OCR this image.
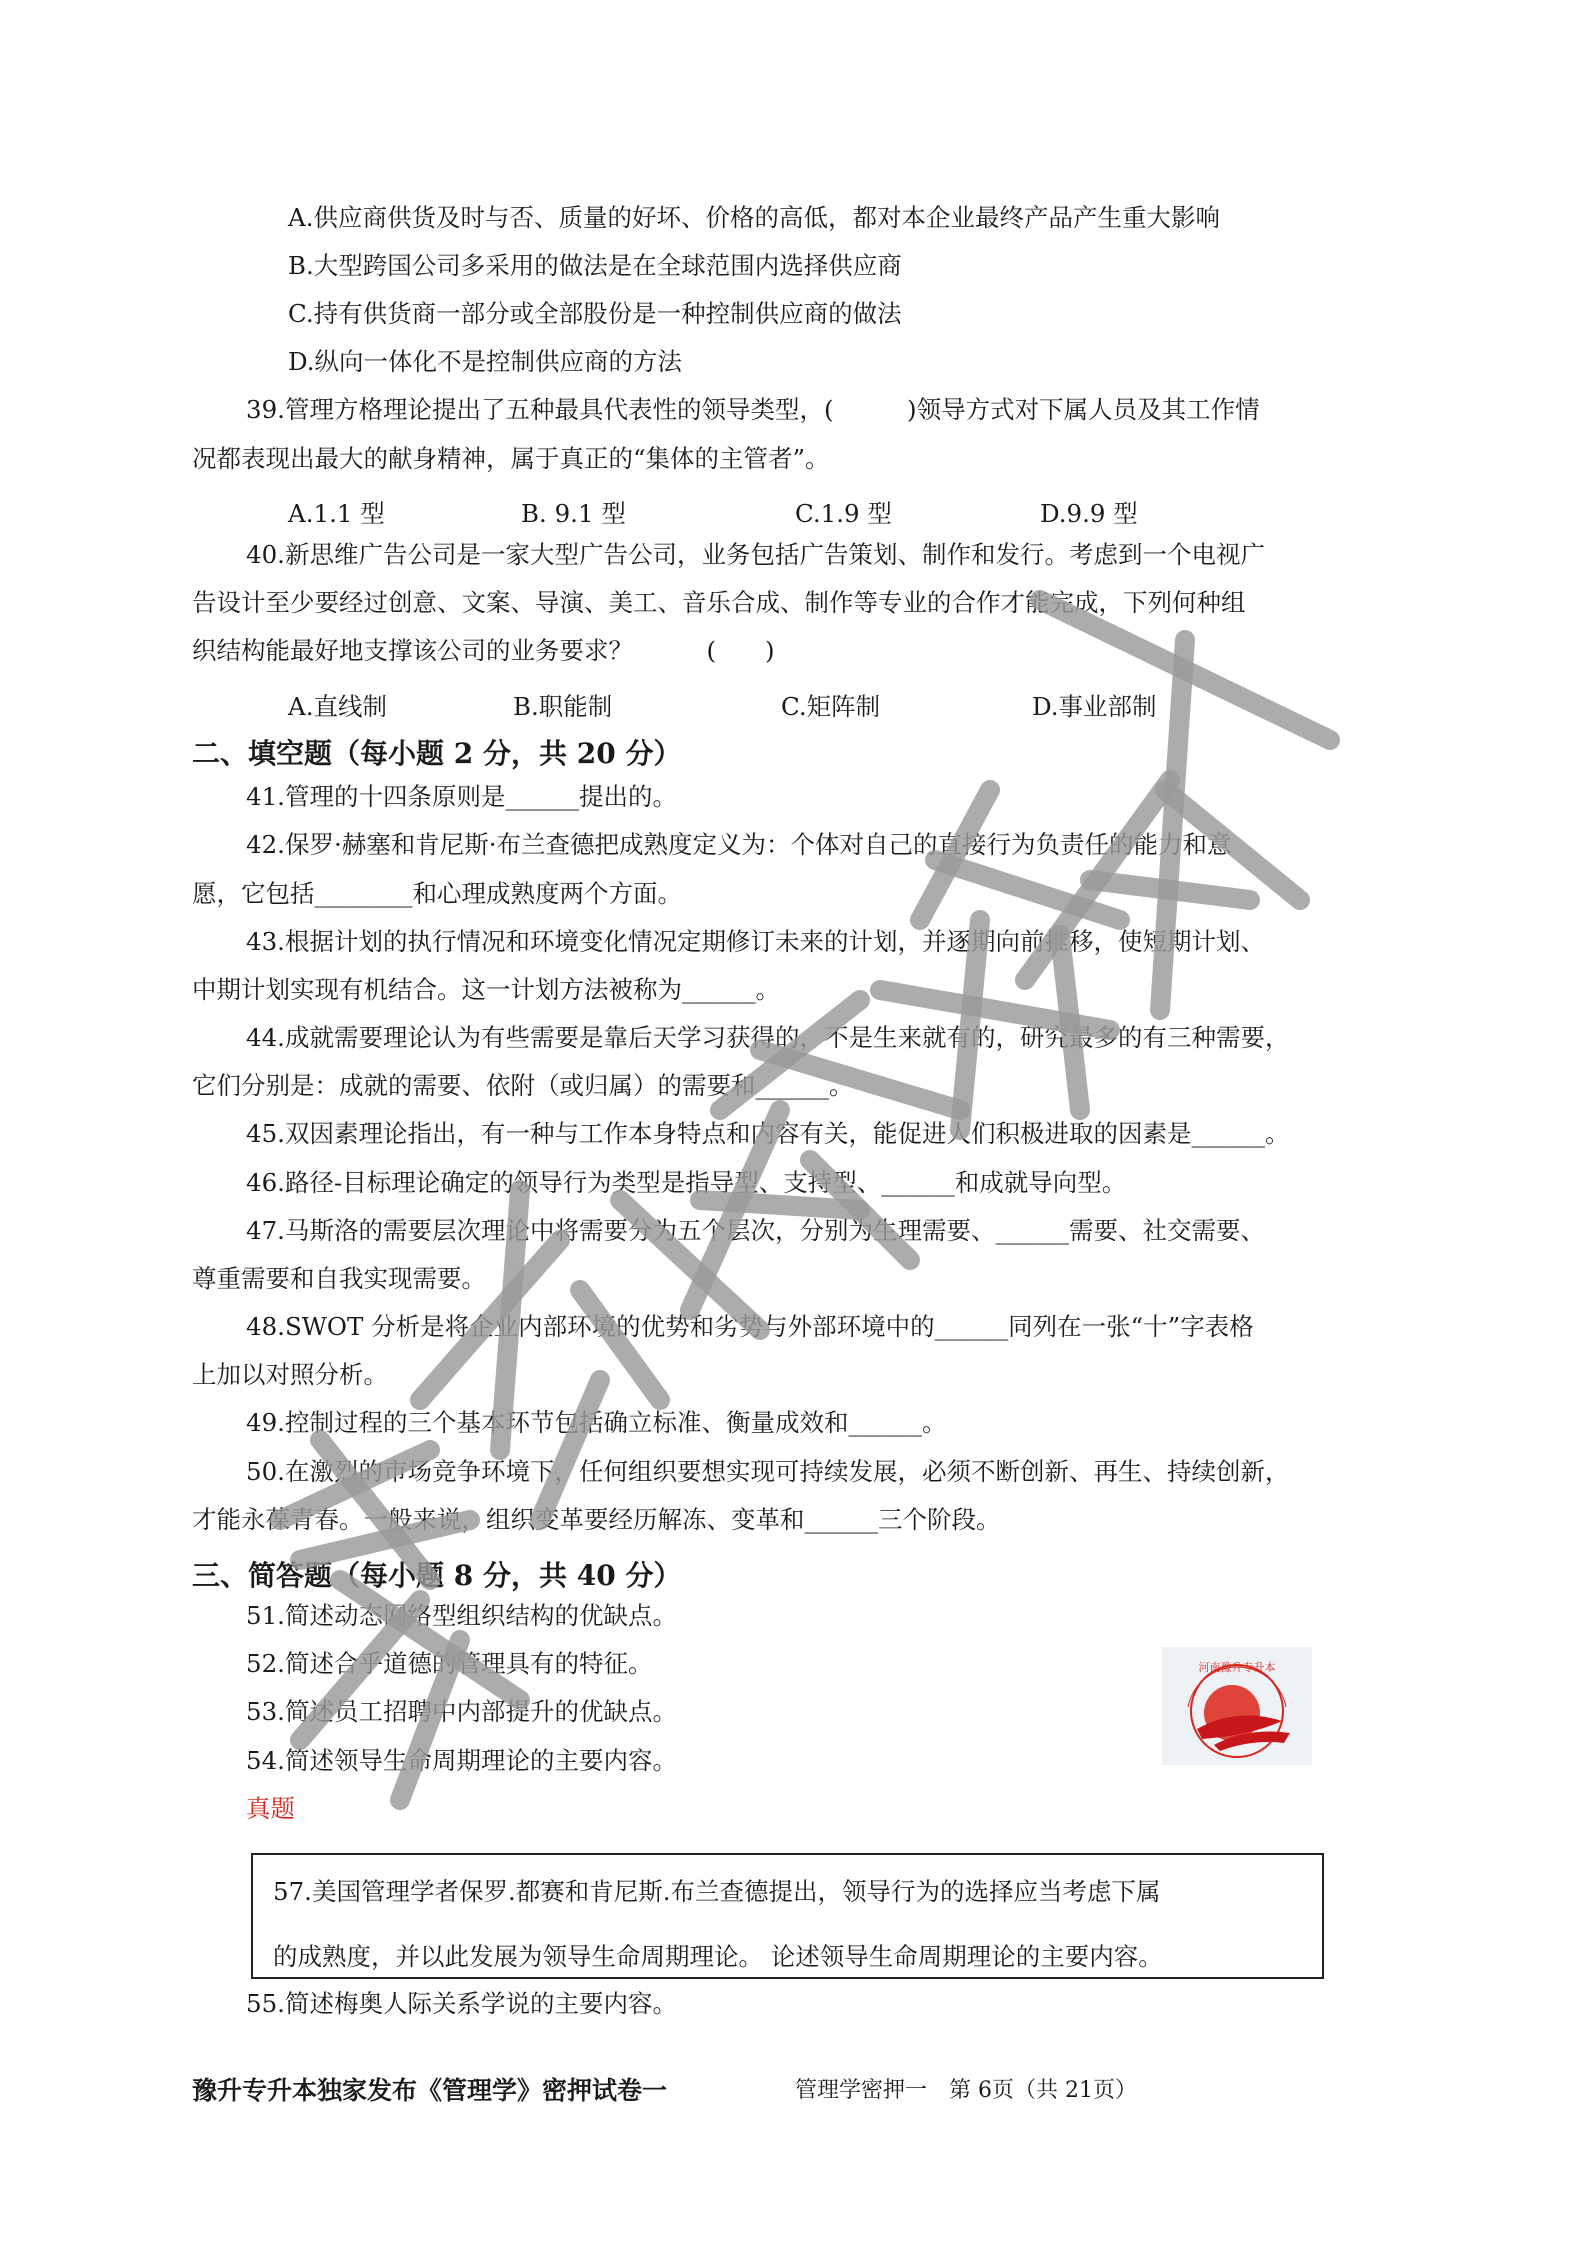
A.供应商供货及时与否、质量的好坏、价格的高低，都对本企业最终产品产生重大影响
B.大型跨国公司多采用的做法是在全球范围内选择供应商
C.持有供货商一部分或全部股份是一种控制供应商的做法
D.纵向一体化不是控制供应商的方法
39.管理方格理论提出了五种最具代表性的领导类型，(　　　)领导方式对下属人员及其工作情
况都表现出最大的献身精神，属于真正的“集体的主管者”。
A.1.1 型	B. 9.1 型	C.1.9 型	D.9.9 型
40.新思维广告公司是一家大型广告公司，业务包括广告策划、制作和发行。考虑到一个电视广
告设计至少要经过创意、文案、导演、美工、音乐合成、制作等专业的合作才能完成，下列何种组
织结构能最好地支撑该公司的业务要求？　　　(　　)
A.直线制	B.职能制	C.矩阵制	D.事业部制
二、填空题（每小题 2 分，共 20 分）
41.管理的十四条原则是______提出的。
42.保罗·赫塞和肯尼斯·布兰查德把成熟度定义为：个体对自己的直接行为负责任的能力和意
愿，它包括________和心理成熟度两个方面。
43.根据计划的执行情况和环境变化情况定期修订未来的计划，并逐期向前推移，使短期计划、
中期计划实现有机结合。这一计划方法被称为______。
44.成就需要理论认为有些需要是靠后天学习获得的，不是生来就有的，研究最多的有三种需要，
它们分别是：成就的需要、依附（或归属）的需要和______。
45.双因素理论指出，有一种与工作本身特点和内容有关，能促进人们积极进取的因素是______。
46.路径-目标理论确定的领导行为类型是指导型、支持型、______和成就导向型。
47.马斯洛的需要层次理论中将需要分为五个层次，分别为生理需要、______需要、社交需要、
尊重需要和自我实现需要。
48.SWOT 分析是将企业内部环境的优势和劣势与外部环境中的______同列在一张“十”字表格
上加以对照分析。
49.控制过程的三个基本环节包括确立标准、衡量成效和______。
50.在激烈的市场竞争环境下，任何组织要想实现可持续发展，必须不断创新、再生、持续创新，
才能永葆青春。一般来说，组织变革要经历解冻、变革和______三个阶段。
三、简答题（每小题 8 分，共 40 分）
51.简述动态网络型组织结构的优缺点。
52.简述合乎道德的管理具有的特征。
53.简述员工招聘中内部提升的优缺点。
54.简述领导生命周期理论的主要内容。
真题
57.美国管理学者保罗.都赛和肯尼斯.布兰查德提出，领导行为的选择应当考虑下属
的成熟度，并以此发展为领导生命周期理论。 论述领导生命周期理论的主要内容。
55.简述梅奥人际关系学说的主要内容。
豫升专升本独家发布《管理学》密押试卷一	管理学密押一　第 6页（共 21页）
河南豫升专升本
